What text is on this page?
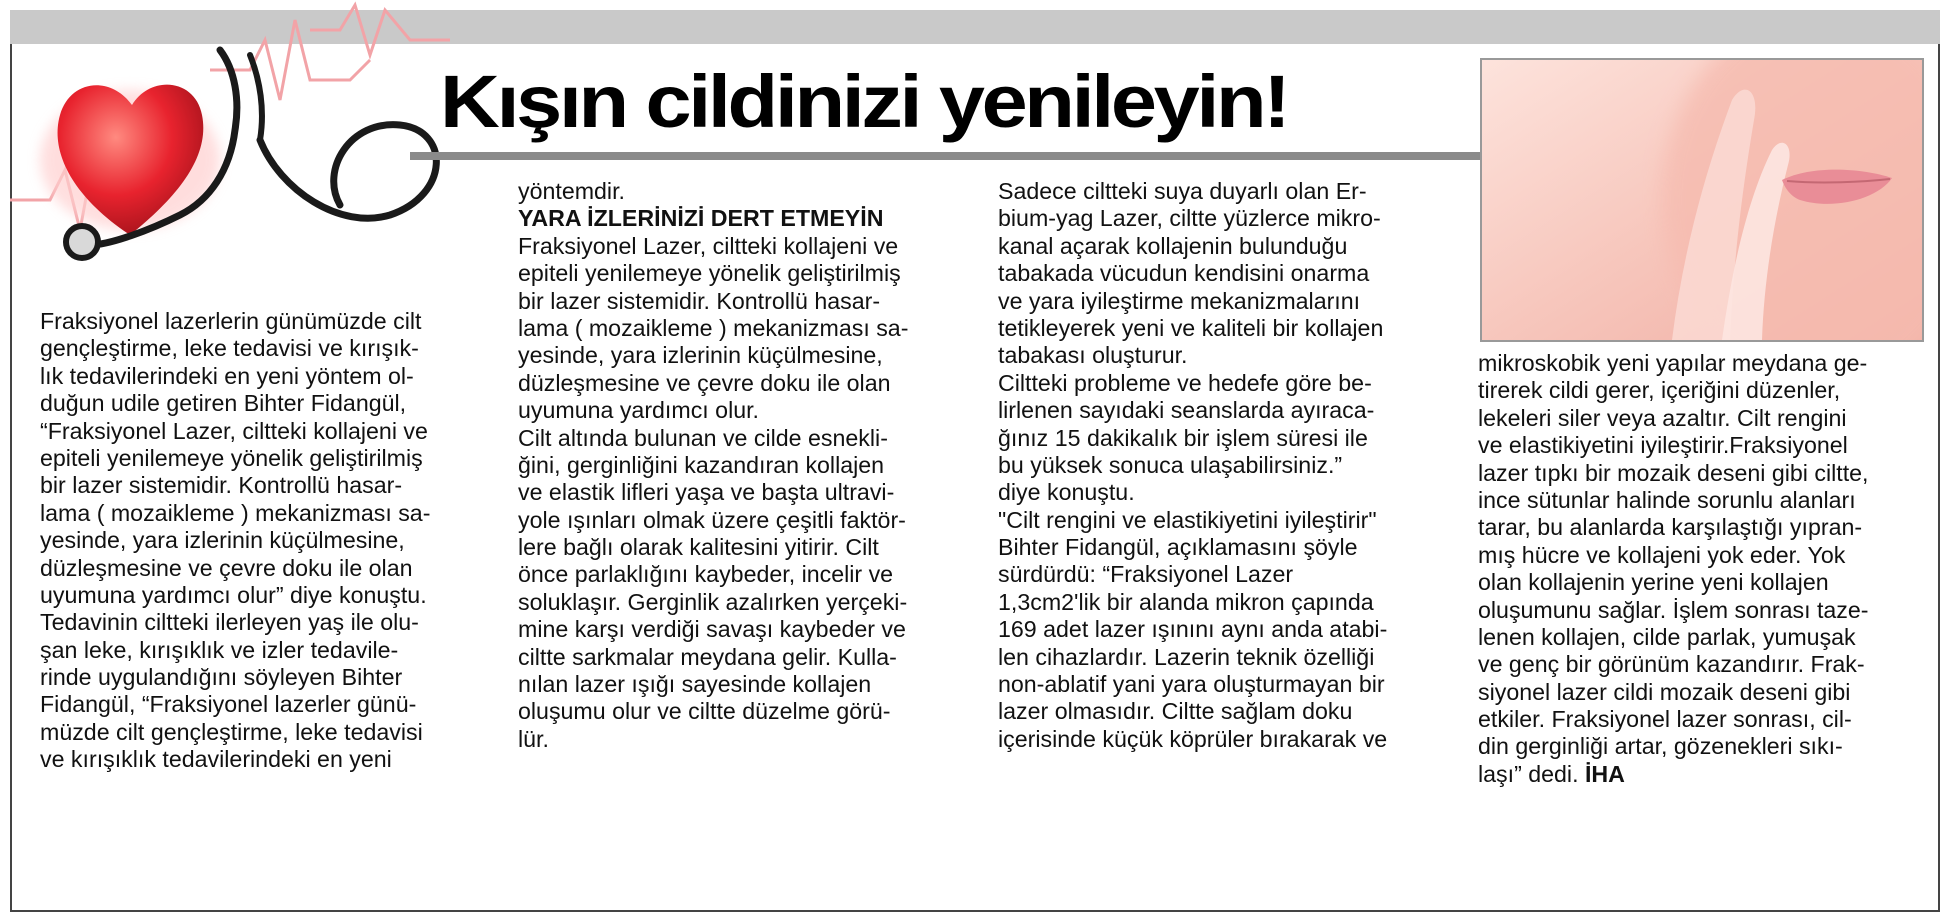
Kışın cildinizi yenileyin!
Fraksiyonel lazerlerin günümüzde cilt
gençleştirme, leke tedavisi ve kırışık-
lık tedavilerindeki en yeni yöntem ol-
duğun udile getiren Bihter Fidangül,
“Fraksiyonel Lazer, ciltteki kollajeni ve
epiteli yenilemeye yönelik geliştirilmiş
bir lazer sistemidir. Kontrollü hasar-
lama ( mozaikleme ) mekanizması sa-
yesinde, yara izlerinin küçülmesine,
düzleşmesine ve çevre doku ile olan
uyumuna yardımcı olur” diye konuştu.
Tedavinin ciltteki ilerleyen yaş ile olu-
şan leke, kırışıklık ve izler tedavile-
rinde uygulandığını söyleyen Bihter
Fidangül, “Fraksiyonel lazerler günü-
müzde cilt gençleştirme, leke tedavisi
ve kırışıklık tedavilerindeki en yeni
yöntemdir.
YARA İZLERİNİZİ DERT ETMEYİN
Fraksiyonel Lazer, ciltteki kollajeni ve
epiteli yenilemeye yönelik geliştirilmiş
bir lazer sistemidir. Kontrollü hasar-
lama ( mozaikleme ) mekanizması sa-
yesinde, yara izlerinin küçülmesine,
düzleşmesine ve çevre doku ile olan
uyumuna yardımcı olur.
Cilt altında bulunan ve cilde esnekli-
ğini, gerginliğini kazandıran kollajen
ve elastik lifleri yaşa ve başta ultravi-
yole ışınları olmak üzere çeşitli faktör-
lere bağlı olarak kalitesini yitirir. Cilt
önce parlaklığını kaybeder, incelir ve
soluklaşır. Gerginlik azalırken yerçeki-
mine karşı verdiği savaşı kaybeder ve
ciltte sarkmalar meydana gelir. Kulla-
nılan lazer ışığı sayesinde kollajen
oluşumu olur ve ciltte düzelme görü-
lür.
Sadece ciltteki suya duyarlı olan Er-
bium-yag Lazer, ciltte yüzlerce mikro-
kanal açarak kollajenin bulunduğu
tabakada vücudun kendisini onarma
ve yara iyileştirme mekanizmalarını
tetikleyerek yeni ve kaliteli bir kollajen
tabakası oluşturur.
Ciltteki probleme ve hedefe göre be-
lirlenen sayıdaki seanslarda ayıraca-
ğınız 15 dakikalık bir işlem süresi ile
bu yüksek sonuca ulaşabilirsiniz.”
diye konuştu.
"Cilt rengini ve elastikiyetini iyileştirir"
Bihter Fidangül, açıklamasını şöyle
sürdürdü: “Fraksiyonel Lazer
1,3cm2'lik bir alanda mikron çapında
169 adet lazer ışınını aynı anda atabi-
len cihazlardır. Lazerin teknik özelliği
non-ablatif yani yara oluşturmayan bir
lazer olmasıdır. Ciltte sağlam doku
içerisinde küçük köprüler bırakarak ve
mikroskobik yeni yapılar meydana ge-
tirerek cildi gerer, içeriğini düzenler,
lekeleri siler veya azaltır. Cilt rengini
ve elastikiyetini iyileştirir.Fraksiyonel
lazer tıpkı bir mozaik deseni gibi ciltte,
ince sütunlar halinde sorunlu alanları
tarar, bu alanlarda karşılaştığı yıpran-
mış hücre ve kollajeni yok eder. Yok
olan kollajenin yerine yeni kollajen
oluşumunu sağlar. İşlem sonrası taze-
lenen kollajen, cilde parlak, yumuşak
ve genç bir görünüm kazandırır. Frak-
siyonel lazer cildi mozaik deseni gibi
etkiler. Fraksiyonel lazer sonrası, cil-
din gerginliği artar, gözenekleri sıkı-
laşı” dedi. İHA
